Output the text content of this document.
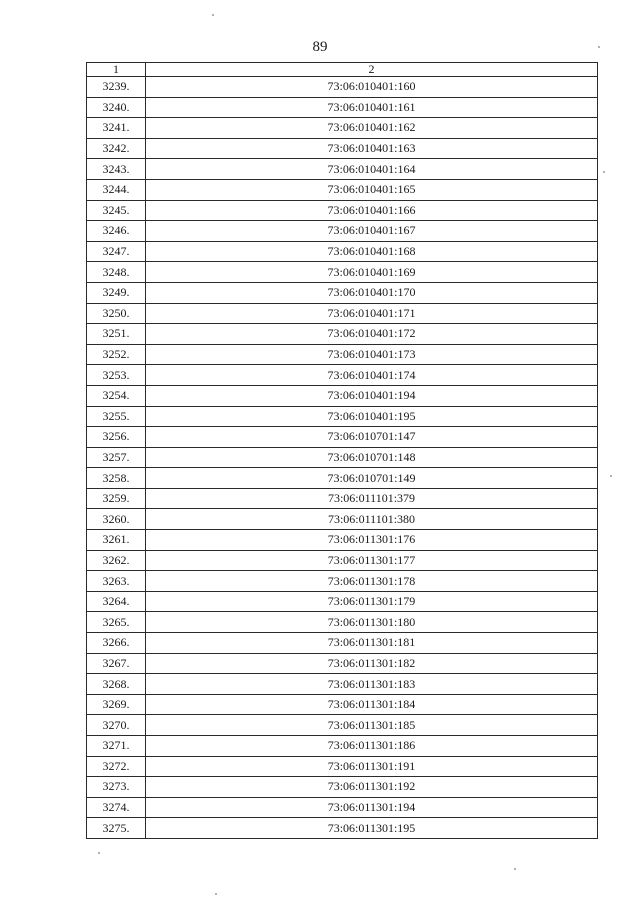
89
1	2
3239.	73:06:010401:160
3240.	73:06:010401:161
3241.	73:06:010401:162
3242.	73:06:010401:163
3243.	73:06:010401:164
3244.	73:06:010401:165
3245.	73:06:010401:166
3246.	73:06:010401:167
3247.	73:06:010401:168
3248.	73:06:010401:169
3249.	73:06:010401:170
3250.	73:06:010401:171
3251.	73:06:010401:172
3252.	73:06:010401:173
3253.	73:06:010401:174
3254.	73:06:010401:194
3255.	73:06:010401:195
3256.	73:06:010701:147
3257.	73:06:010701:148
3258.	73:06:010701:149
3259.	73:06:011101:379
3260.	73:06:011101:380
3261.	73:06:011301:176
3262.	73:06:011301:177
3263.	73:06:011301:178
3264.	73:06:011301:179
3265.	73:06:011301:180
3266.	73:06:011301:181
3267.	73:06:011301:182
3268.	73:06:011301:183
3269.	73:06:011301:184
3270.	73:06:011301:185
3271.	73:06:011301:186
3272.	73:06:011301:191
3273.	73:06:011301:192
3274.	73:06:011301:194
3275.	73:06:011301:195
